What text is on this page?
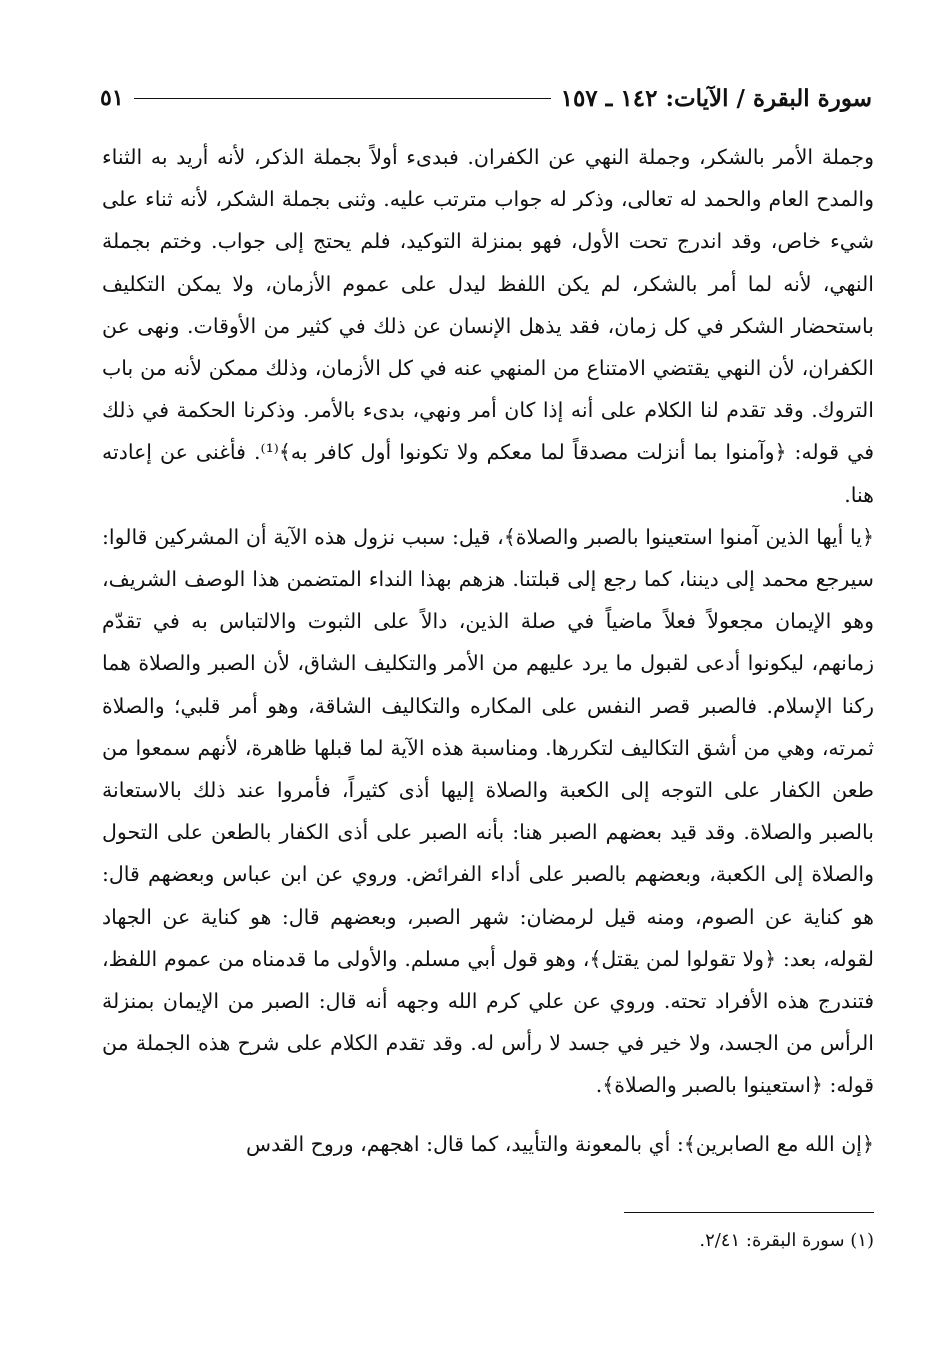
سورة البقرة / الآيات: ١٤٢ ـ ١٥٧
٥١

وجملة الأمر بالشكر، وجملة النهي عن الكفران. فبدىء أولاً بجملة الذكر، لأنه أريد به الثناء والمدح العام والحمد له تعالى، وذكر له جواب مترتب عليه. وثنى بجملة الشكر، لأنه ثناء على شيء خاص، وقد اندرج تحت الأول، فهو بمنزلة التوكيد، فلم يحتج إلى جواب. وختم بجملة النهي، لأنه لما أمر بالشكر، لم يكن اللفظ ليدل على عموم الأزمان، ولا يمكن التكليف باستحضار الشكر في كل زمان، فقد يذهل الإنسان عن ذلك في كثير من الأوقات. ونهى عن الكفران، لأن النهي يقتضي الامتناع من المنهي عنه في كل الأزمان، وذلك ممكن لأنه من باب التروك. وقد تقدم لنا الكلام على أنه إذا كان أمر ونهي، بدىء بالأمر. وذكرنا الحكمة في ذلك في قوله: ﴿وآمنوا بما أنزلت مصدقاً لما معكم ولا تكونوا أول كافر به﴾⁽¹⁾. فأغنى عن إعادته هنا.

﴿يا أيها الذين آمنوا استعينوا بالصبر والصلاة﴾، قيل: سبب نزول هذه الآية أن المشركين قالوا: سيرجع محمد إلى ديننا، كما رجع إلى قبلتنا. هزهم بهذا النداء المتضمن هذا الوصف الشريف، وهو الإيمان مجعولاً فعلاً ماضياً في صلة الذين، دالاً على الثبوت والالتباس به في تقدّم زمانهم، ليكونوا أدعى لقبول ما يرد عليهم من الأمر والتكليف الشاق، لأن الصبر والصلاة هما ركنا الإسلام. فالصبر قصر النفس على المكاره والتكاليف الشاقة، وهو أمر قلبي؛ والصلاة ثمرته، وهي من أشق التكاليف لتكررها. ومناسبة هذه الآية لما قبلها ظاهرة، لأنهم سمعوا من طعن الكفار على التوجه إلى الكعبة والصلاة إليها أذى كثيراً، فأمروا عند ذلك بالاستعانة بالصبر والصلاة. وقد قيد بعضهم الصبر هنا: بأنه الصبر على أذى الكفار بالطعن على التحول والصلاة إلى الكعبة، وبعضهم بالصبر على أداء الفرائض. وروي عن ابن عباس وبعضهم قال: هو كناية عن الصوم، ومنه قيل لرمضان: شهر الصبر، وبعضهم قال: هو كناية عن الجهاد لقوله، بعد: ﴿ولا تقولوا لمن يقتل﴾، وهو قول أبي مسلم. والأولى ما قدمناه من عموم اللفظ، فتندرج هذه الأفراد تحته. وروي عن علي كرم الله وجهه أنه قال: الصبر من الإيمان بمنزلة الرأس من الجسد، ولا خير في جسد لا رأس له. وقد تقدم الكلام على شرح هذه الجملة من قوله: ﴿استعينوا بالصبر والصلاة﴾.

﴿إن الله مع الصابرين﴾: أي بالمعونة والتأييد، كما قال: اهجهم، وروح القدس

(١) سورة البقرة: ٢/٤١.
